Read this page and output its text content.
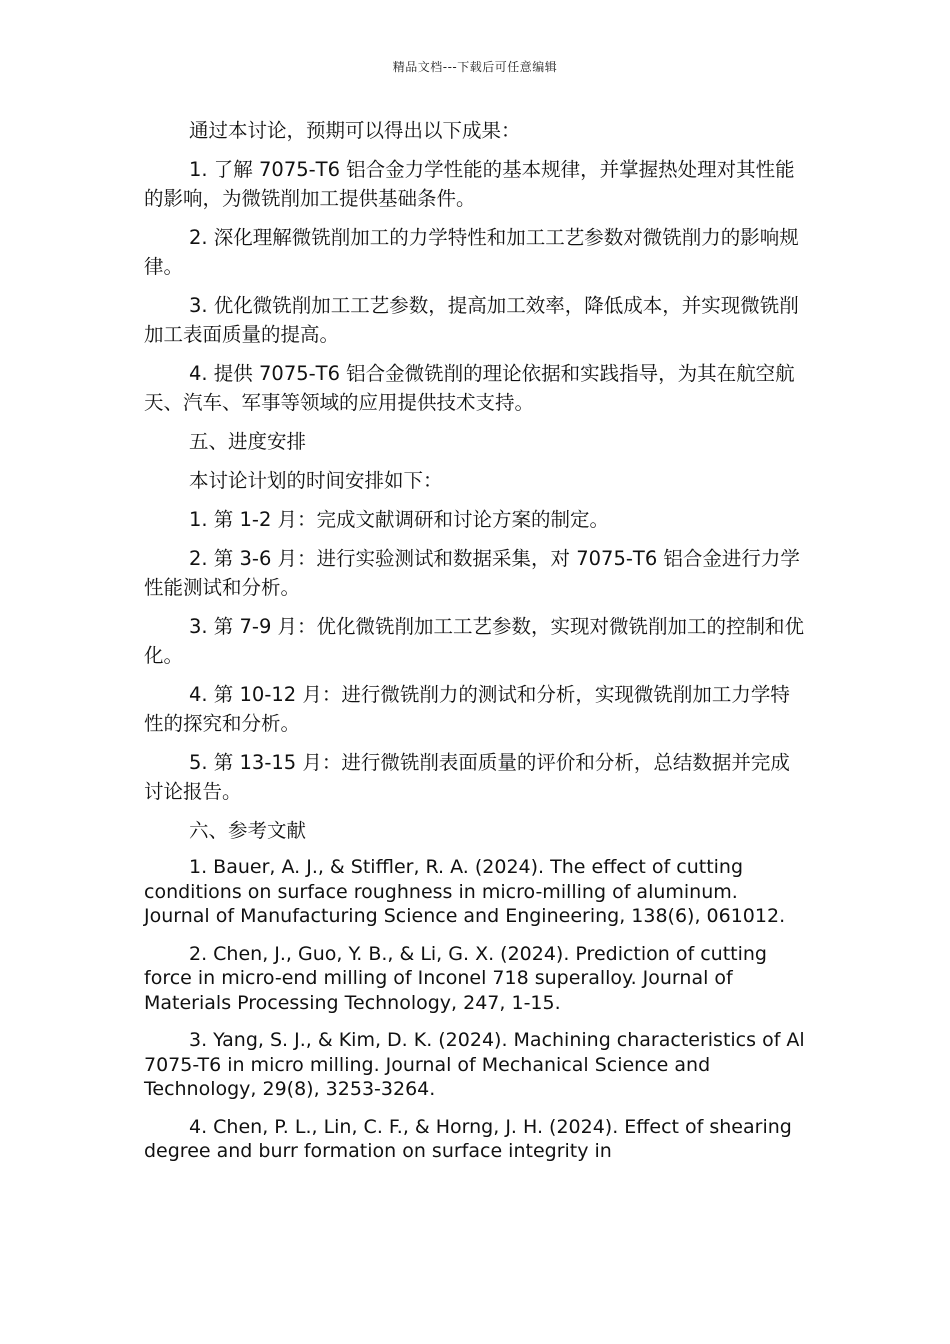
精品文档---下载后可任意编辑

通过本讨论，预期可以得出以下成果：

1. 了解 7075-T6 铝合金力学性能的基本规律，并掌握热处理对其性能的影响，为微铣削加工提供基础条件。

2. 深化理解微铣削加工的力学特性和加工工艺参数对微铣削力的影响规律。

3. 优化微铣削加工工艺参数，提高加工效率，降低成本，并实现微铣削加工表面质量的提高。

4. 提供 7075-T6 铝合金微铣削的理论依据和实践指导，为其在航空航天、汽车、军事等领域的应用提供技术支持。

五、进度安排

本讨论计划的时间安排如下：

1. 第 1-2 月：完成文献调研和讨论方案的制定。

2. 第 3-6 月：进行实验测试和数据采集，对 7075-T6 铝合金进行力学性能测试和分析。

3. 第 7-9 月：优化微铣削加工工艺参数，实现对微铣削加工的控制和优化。

4. 第 10-12 月：进行微铣削力的测试和分析，实现微铣削加工力学特性的探究和分析。

5. 第 13-15 月：进行微铣削表面质量的评价和分析，总结数据并完成讨论报告。

六、参考文献

1. Bauer, A. J., & Stiffler, R. A. (2024). The effect of cutting conditions on surface roughness in micro-milling of aluminum. Journal of Manufacturing Science and Engineering, 138(6), 061012.

2. Chen, J., Guo, Y. B., & Li, G. X. (2024). Prediction of cutting force in micro-end milling of Inconel 718 superalloy. Journal of Materials Processing Technology, 247, 1-15.

3. Yang, S. J., & Kim, D. K. (2024). Machining characteristics of Al 7075-T6 in micro milling. Journal of Mechanical Science and Technology, 29(8), 3253-3264.

4. Chen, P. L., Lin, C. F., & Horng, J. H. (2024). Effect of shearing degree and burr formation on surface integrity in
